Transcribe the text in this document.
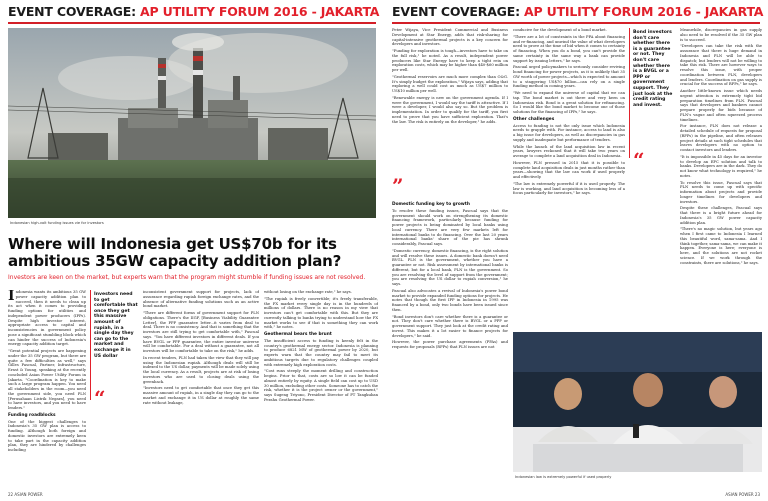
EVENT COVERAGE: AP UTILITY FORUM 2016 - JAKARTA
Indonesian high-volt funding issues vie for investors
Where will Indonesia get US$70b for its ambitious 35GW capacity addition plan?
Investors are keen on the market, but experts warn that the program might stumble if funding issues are not resolved.

Indonesia wants its ambitious 35 GW power capacity addition plan to succeed, then it needs to clean up its act when it comes to providing funding options for utilities and independent power producers (IPPs). Despite high investor interest, appropriate access to capital and inconsistencies in government policy pose a significant stumbling block which can hinder the success of Indonesia's energy capacity addition target.

"Great potential projects are happening under the 35 GW program, but there are quite a few difficulties as well," says Gilles Pascual, Partner, Infrastructure, Ernst & Young, speaking at the recently concluded Asian Power Utility Forum in Jakarta. "Coordination is key to make such a large program happen. You need all stakeholders in the room—you need the government side, you need PLN [Perusahaan Listrik Negara], you need to have investors, and you need to have lenders."

Funding roadblocks

One of the biggest challenges to Indonesia's 35 GW plan is access to funding. Although both foreign and domestic investors are extremely keen to take part in the capacity addition plan, they are hindered by challenges including

Investors need to get comfortable that once they get this massive amount of rupiah, in a single day they can go to the market and exchange it in US dollar
“

inconsistent government support for projects, lack of assurance regarding rupiah foreign exchange rates, and the absence of alternative funding solutions such as an active bond market.

"There are different forms of government support for PLN obligations. There's the IIGF, [Business Viability Guarantee Letter], the PPP guarantee letter...it varies from deal to deal. There is no consistency. And that is something that the investors are still trying to get comfortable with," Pascual says. "You have different investors in different deals. If you have BVGL or PPP guarantee, the entire investor universe will be comfortable. For a deal without a guarantee, not all investors will be comfortable to take on the risk," he adds.

In recent tenders, PLN had taken the view that they will pay using the Indonesian rupiah. Although deals will still be indexed to the US dollar, payments will be made solely using the local currency. As a result, projects are at risk of losing investors who are used to closing deals using the greenback.

"Investors need to get comfortable that once they get this massive amount of rupiah, in a single day they can go to the market and exchange it in US dollar at roughly the same rate without leakage,

without losing on the exchange rate," he says.

"The rupiah is freely convertible; it's freely transferable, the FX market every single day is in the hundreds of millions of dollars. There is no reason in my view that investors can't get comfortable with this. But they are currently talking to banks trying to understand how the FX market works to see if that is something they can work with," he notes.

Geothermal bears the brunt

The insufficient access to funding is keenly felt in the country's geothermal energy sector. Indonesia is planning to produce 6821 MW of geothermal power by 2020, but experts warn that the country may fail to meet its ambitious targets due to regulatory challenges coupled with extremely high exploration costs.

"Cost runs steeply the moment drilling and construction begins. Prior to that, costs are so low it can be funded almost entirely by equity. A single field can cost up to USD 30 million, excluding other costs. Someone has to catch the risk, whether it is the project owner or the government," says Sugeng Triyono, President Director of PT Tangkuban Perahu Geothermal Power.

22 ASIAN POWER
EVENT COVERAGE: AP UTILITY FORUM 2016 - JAKARTA

Peter Wijaya, Vice President Commercial and Business Development at Star Energy, adds that risk-sharing for capital-intensive geothermal projects is a key concern for developers and investors.

"Funding for exploration is tough—investors have to take on the full risk," he noted. As a result, independent power producers like Star Energy have to keep a tight rein on exploration costs, which may be higher than $40-$60 million per well.

"Geothermal reservoirs are much more complex than O&G. It's simply budget the exploration," Wijaya says, adding that exploring a well could cost as much as US$7 million to US$10 million per well.

"Renewable energy is new on the government agenda. If I were the government, I would say the tariff is attractive. If I were a developer, I would also say so. But the problem is implementation. In order to qualify for the tariff, you first need to prove that you have sufficient exploration. That's the law. The risk is entirely on the developer," he adds.

”
Domestic funding key to growth

To resolve these funding issues, Pascual says that the government should work on strengthening its domestic financing framework, particularly because funding for power projects is being dominated by local banks using local currency. There are very few markets left for international banks to do financing. Over the last 20 years international banks' share of the pie has shrunk considerably, Pascual says.

"Domestic currency, domestic financing, is the right solution and will resolve these issues. A domestic bank doesn't need BVGL. PLN is the government, whether you have a guarantee or not. Risk assessment by international banks is different, but for a local bank, PLN is the government. So you are resolving the level of support from the government; you are resolving the US dollar to rupiah conversion," he says.

Pascual also advocates a revival of Indonesia's power bond market to provide expanded funding options for projects. He notes that though the first IPP in Indonesia in 1995 was financed by a bond, only two bonds have been issued since then.

"Bond investors don't care whether there is a guarantee or not. They don't care whether there is BVGL or a PPP or government support. They just look at the credit rating and invest. This makes it a lot easier to finance projects for developers," he said.

However, the power purchase agreements (PPAs) and requests for proposals (RFPs) that PLN issues are not

conducive for the development of a bond market.

"There are a lot of constraints in the PPA about financing and re-financing, and unwind the value of what developers need to prove at the time of bid when it comes to certainty of financing. When you do a bond, you can't provide the same certainty in the same way a bank can provide support by issuing letters," he says.

Pascual urged policymakers to seriously consider reviving bond financing for power projects, as it is unlikely that 35 GW worth of power projects—which is expected to amount to a staggering US$70 billion—can rely on a single funding method in coming years.

"We need to expand the universe of capital that we can tap. The bond market is out there and very keen on Indonesian risk. Bond is a great solution for refinancing. So I would like the bond market to become one of those solutions for the financing of IPPs," he says.

Other challenges

Access to funding is not the only issue which Indonesia needs to grapple with. For instance, access to land is also a big issue for developers, as well as discrepancies in gas supply and inadequate but performance of tenders.

While the launch of the land acquisition law in recent years, lawyers reckoned that it will take two years on average to complete a land acquisition deal in Indonesia.

However, PLN pressed in 2015 that it is possible to complete land acquisition deals in just months rather than years—showing that the law can work if used properly and effectively.

"The law is extremely powerful if it is used properly. The law is working, and land acquisition is becoming less of a focus particularly for investors," he says.

Bond investors don't care whether there is a guarantee or not. They don't care whether there is a BVGL or a PPP or government support. They just look at the credit rating and invest.
“

Meanwhile, discrepancies in gas supply also need to be resolved if the 35 GW plan is to succeed.

"Developers can take the risk with the assurance that there is huge demand in Indonesia and PLN will be able to dispatch; but lenders will not be willing to take this risk. There are however ways to resolve this issue, with proper coordination between PLN, developers and lenders. Coordination on gas supply is crucial for the success of RFPs," he says.

Another little-known issue which needs urgent attention is extremely tight bid preparation timelines from PLN. Pascual says that developers and bankers cannot prepare properly for bids because of PLN's vague and often squeezed process timelines.

For instance, PLN does not release a detailed schedule of requests for proposal (RFPs) in the pipeline, and often releases project details at such tight schedules that leaves developers with no option to contact investors and lenders.

"It is impossible in 45 days for an investor to develop an EPC solution and talk to banks. Developers are in the dark. They do not know what technology is required," he notes.

To resolve this issue, Pascual says that PLN needs to come up with specific information about projects and provide longer timelines for developers and investors.

Despite these challenges, Pascual says that there is a bright future ahead for Indonesia's 35 GW power capacity addition plan.

"There's no magic solution, but years ago when I first came to Indonesia I learned this beautiful word, sama-sama. And I think together, sama-sama, we can make it happen. Everyone is here; everyone is here, and the solutions are not rocket science. If we work through the constraints, there are solutions," he says.

Indonesian law is extremely powerful if used properly
ASIAN POWER 23
